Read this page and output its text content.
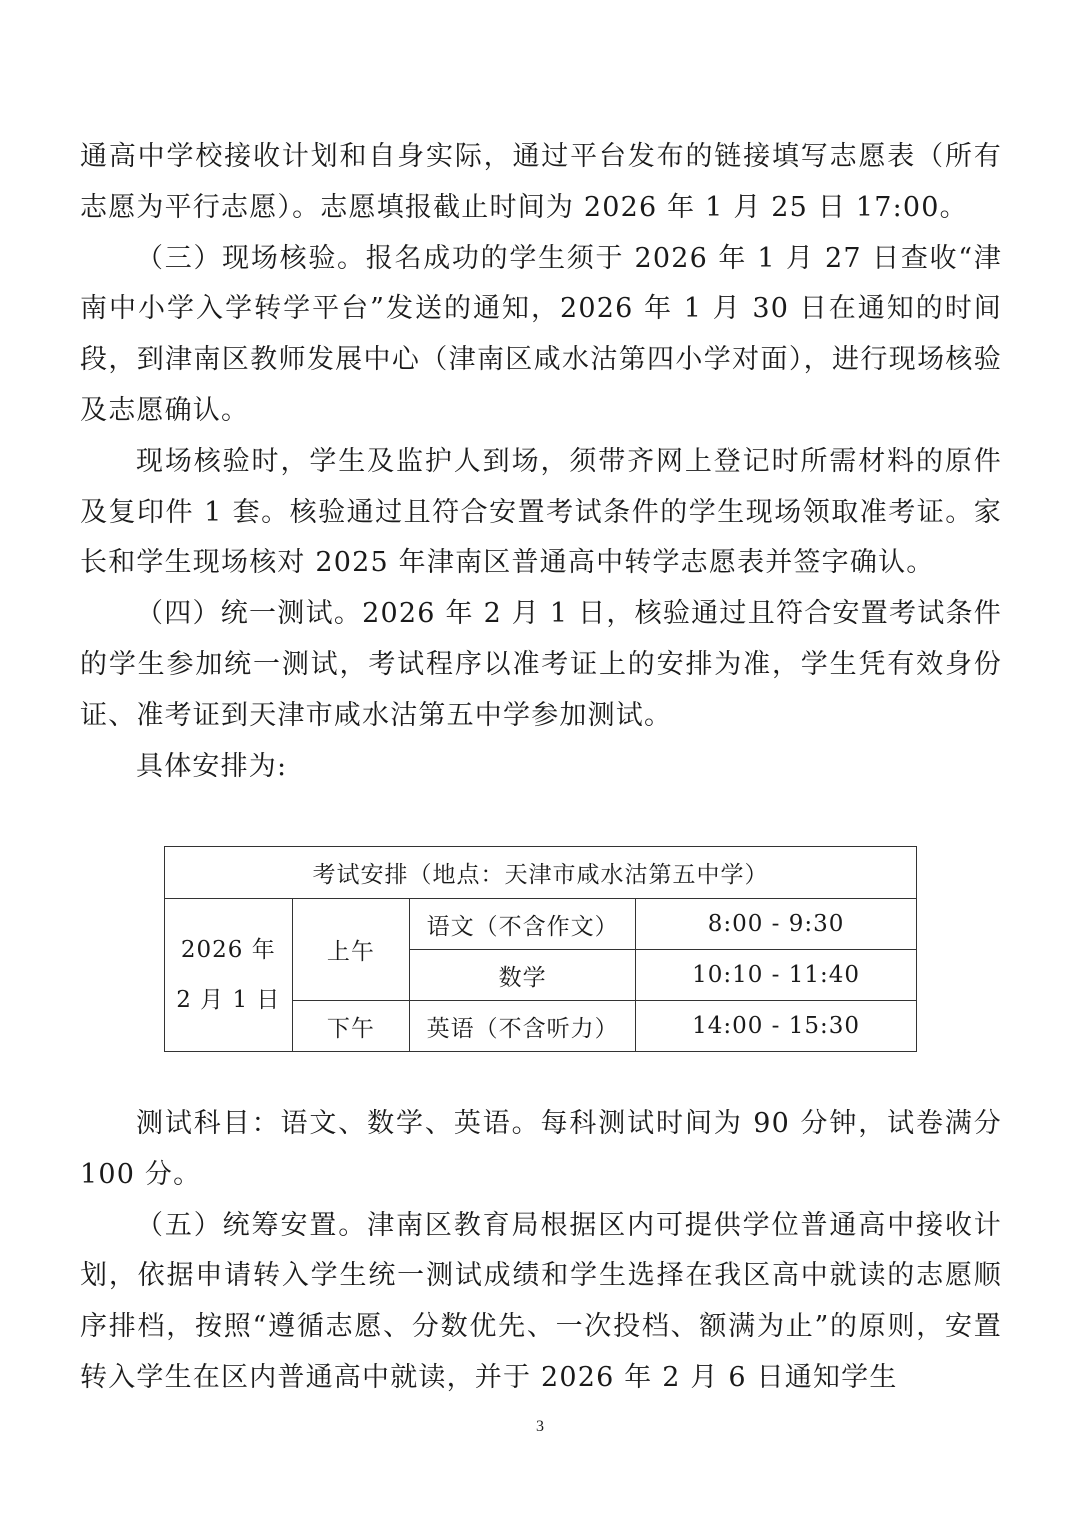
通高中学校接收计划和自身实际，通过平台发布的链接填写志愿表（所有志愿为平行志愿）。志愿填报截止时间为 2026 年 1 月 25 日 17:00。

（三）现场核验。报名成功的学生须于 2026 年 1 月 27 日查收“津南中小学入学转学平台”发送的通知，2026 年 1 月 30 日在通知的时间段，到津南区教师发展中心（津南区咸水沽第四小学对面），进行现场核验及志愿确认。

现场核验时，学生及监护人到场，须带齐网上登记时所需材料的原件及复印件 1 套。核验通过且符合安置考试条件的学生现场领取准考证。家长和学生现场核对 2025 年津南区普通高中转学志愿表并签字确认。

（四）统一测试。2026 年 2 月 1 日，核验通过且符合安置考试条件的学生参加统一测试，考试程序以准考证上的安排为准，学生凭有效身份证、准考证到天津市咸水沽第五中学参加测试。

具体安排为:

考试安排（地点：天津市咸水沽第五中学）			

2026 年
2 月 1 日	上午	语文（不含作文）	8:00 - 9:30
		数学	10:10 - 11:40
	下午	英语（不含听力）	14:00 - 15:30

测试科目：语文、数学、英语。每科测试时间为 90 分钟，试卷满分 100 分。

（五）统筹安置。津南区教育局根据区内可提供学位普通高中接收计划，依据申请转入学生统一测试成绩和学生选择在我区高中就读的志愿顺序排档，按照“遵循志愿、分数优先、一次投档、额满为止”的原则，安置转入学生在区内普通高中就读，并于 2026 年 2 月 6 日通知学生

3
